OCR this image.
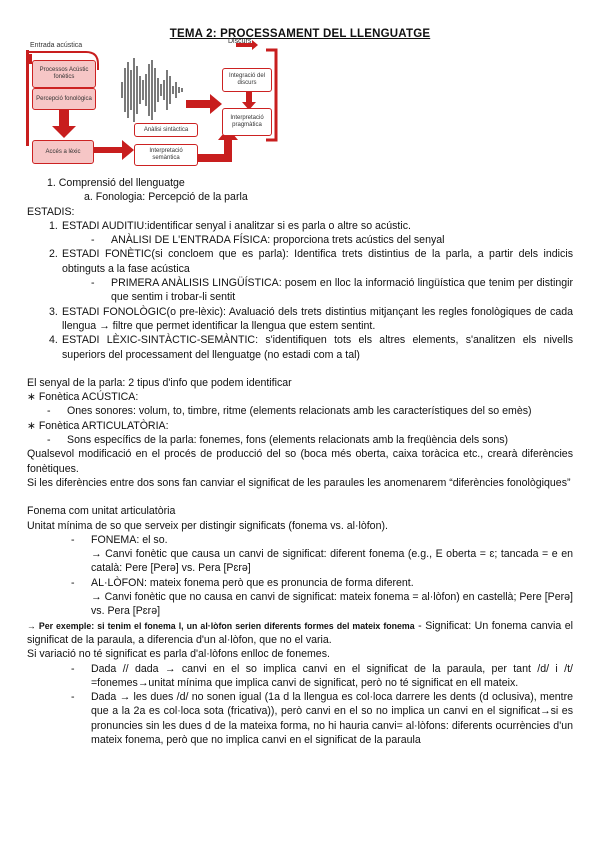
TEMA 2: PROCESSAMENT DEL LLENGUATGE
Entrada acústica
Discurs
Processos Acústic fonètics
Percepció fonològica
Accés a lèxic
Anàlisi sintàctica
Interpretació semàntica
Integració del discurs
Interpretació pragmàtica

1. Comprensió del llenguatge

a. Fonologia: Percepció de la parla

ESTADIS:

1. ESTADI AUDITIU:identificar senyal i analitzar si es parla o altre so acústic.

- ANÀLISI DE L'ENTRADA FÍSICA: proporciona trets acústics del senyal

2. ESTADI FONÈTIC(si concloem que es parla): Identifica trets distintius de la parla, a partir dels indicis obtinguts a la fase acústica

- PRIMERA ANÀLISIS LINGÜÍSTICA: posem en lloc la informació lingüística que tenim per distingir que sentim i trobar-li sentit

3. ESTADI FONOLÒGIC(o pre-lèxic): Avaluació dels trets distintius mitjançant les regles fonològiques de cada llengua → filtre que permet identificar la llengua que estem sentint.

4. ESTADI LÈXIC-SINTÀCTIC-SEMÀNTIC: s'identifiquen tots els altres elements, s'analitzen els nivells superiors del processament del llenguatge (no estadi com a tal)

El senyal de la parla: 2 tipus d'info que podem identificar

∗ Fonètica ACÚSTICA:

- Ones sonores: volum, to, timbre, ritme (elements relacionats amb les característiques del so emès)

∗ Fonètica ARTICULATÒRIA:

- Sons específics de la parla: fonemes, fons (elements relacionats amb la freqüència dels sons)

Qualsevol modificació en el procés de producció del so (boca més oberta, caixa toràcica etc., crearà diferències fonètiques.

Si les diferències entre dos sons fan canviar el significat de les paraules les anomenarem “diferències fonològiques”

Fonema com unitat articulatòria

Unitat mínima de so que serveix per distingir significats (fonema vs. al·lòfon).

- FONEMA: el so.

→ Canvi fonètic que causa un canvi de significat: diferent fonema (e.g., E oberta = ɛ; tancada = e en català: Pere [Perə] vs. Pera [Pɛrə]

- AL·LÒFON: mateix fonema però que es pronuncia de forma diferent.

→ Canvi fonètic que no causa en canvi de significat: mateix fonema = al·lòfon) en castellà; Pere [Perə] vs. Pera [Pɛrə]

→ Per exemple: si tenim el fonema l, un al·lòfon serien diferents formes del mateix fonema - Significat: Un fonema canvia el significat de la paraula, a diferencia d'un al·lòfon, que no el varia.

Si variació no té significat es parla d'al·lòfons enlloc de fonemes.

- Dada // dada → canvi en el so implica canvi en el significat de la paraula, per tant /d/ i /t/ =fonemes→unitat mínima que implica canvi de significat, però no té significat en ell mateix.

- Dada → les dues /d/ no sonen igual (1a d la llengua es col·loca darrere les dents (d oclusiva), mentre que a la 2a es col·loca sota (fricativa)), però canvi en el so no implica un canvi en el significat→si es pronuncies sin les dues d de la mateixa forma, no hi hauria canvi= al·lòfons: diferents ocurrències d'un mateix fonema, però que no implica canvi en el significat de la paraula
